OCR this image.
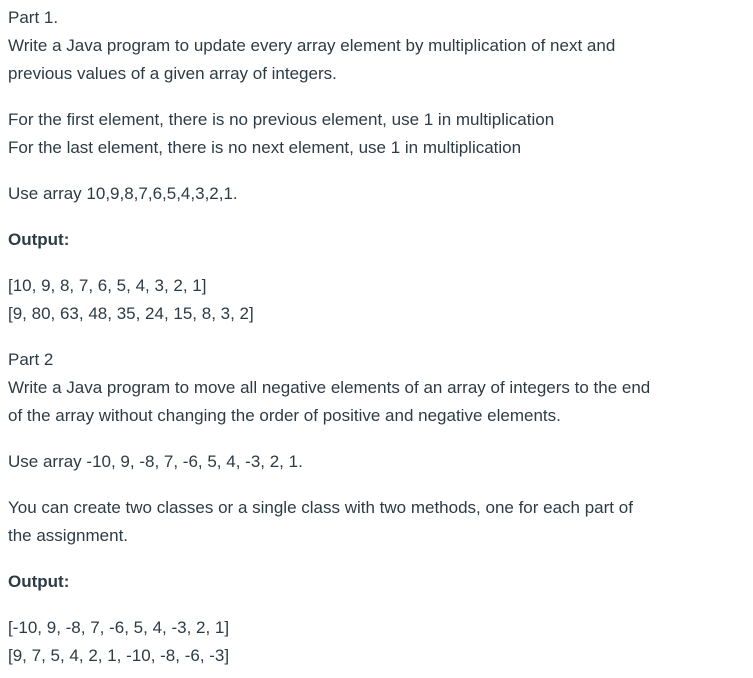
Part 1.
Write a Java program to update every array element by multiplication of next and
previous values of a given array of integers.
For the first element, there is no previous element, use 1 in multiplication
For the last element, there is no next element, use 1 in multiplication
Use array 10,9,8,7,6,5,4,3,2,1.
Output:
[10, 9, 8, 7, 6, 5, 4, 3, 2, 1]
[9, 80, 63, 48, 35, 24, 15, 8, 3, 2]
Part 2
Write a Java program to move all negative elements of an array of integers to the end
of the array without changing the order of positive and negative elements.
Use array -10, 9, -8, 7, -6, 5, 4, -3, 2, 1.
You can create two classes or a single class with two methods, one for each part of
the assignment.
Output:
[-10, 9, -8, 7, -6, 5, 4, -3, 2, 1]
[9, 7, 5, 4, 2, 1, -10, -8, -6, -3]
